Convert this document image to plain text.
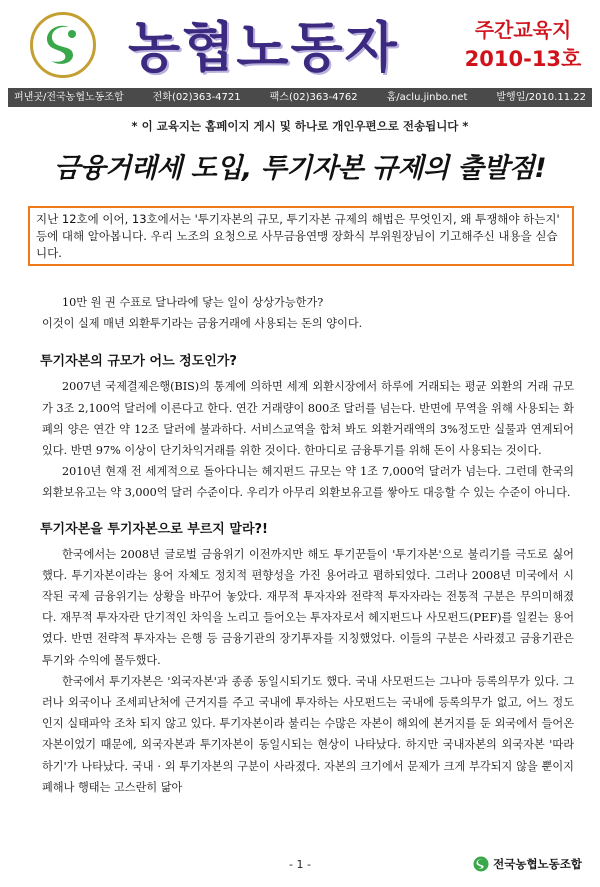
농협노동자	주간교육지
2010-13호
펴낸곳/전국농협노동조합	전화(02)363-4721	팩스(02)363-4762	홈/aclu.jinbo.net	발행일/2010.11.22
* 이 교육지는 홈페이지 게시 및 하나로 개인우편으로 전송됩니다 *
금융거래세 도입, 투기자본 규제의 출발점!
지난 12호에 이어, 13호에서는 '투기자본의 규모, 투기자본 규제의 해법은 무엇인지, 왜 투쟁해야 하는지' 등에 대해 알아봅니다. 우리 노조의 요청으로 사무금융연맹 장화식 부위원장님이 기고해주신 내용을 싣습니다.

10만 원 권 수표로 달나라에 닿는 일이 상상가능한가?

이것이 실제 매년 외환투기라는 금융거래에 사용되는 돈의 양이다.

투기자본의 규모가 어느 정도인가?

2007년 국제결제은행(BIS)의 통계에 의하면 세계 외환시장에서 하루에 거래되는 평균 외환의 거래 규모가 3조 2,100억 달러에 이른다고 한다. 연간 거래량이 800조 달러를 넘는다. 반면에 무역을 위해 사용되는 화폐의 양은 연간 약 12조 달러에 불과하다. 서비스교역을 합쳐 봐도 외환거래액의 3%정도만 실물과 연계되어 있다. 반면 97% 이상이 단기차익거래를 위한 것이다. 한마디로 금융투기를 위해 돈이 사용되는 것이다.

2010년 현재 전 세계적으로 돌아다니는 헤지펀드 규모는 약 1조 7,000억 달러가 넘는다. 그런데 한국의 외환보유고는 약 3,000억 달러 수준이다. 우리가 아무리 외환보유고를 쌓아도 대응할 수 있는 수준이 아니다.

투기자본을 투기자본으로 부르지 말라?!

한국에서는 2008년 글로벌 금융위기 이전까지만 해도 투기꾼들이 '투기자본'으로 불리기를 극도로 싫어했다. 투기자본이라는 용어 자체도 정치적 편향성을 가진 용어라고 폄하되었다. 그러나 2008년 미국에서 시작된 국제 금융위기는 상황을 바꾸어 놓았다. 재무적 투자자와 전략적 투자자라는 전통적 구분은 무의미해졌다. 재무적 투자자란 단기적인 차익을 노리고 들어오는 투자자로서 헤지펀드나 사모펀드(PEF)를 일컫는 용어였다. 반면 전략적 투자자는 은행 등 금융기관의 장기투자를 지칭했었다. 이들의 구분은 사라졌고 금융기관은 투기와 수익에 몰두했다.

한국에서 투기자본은 '외국자본'과 종종 동일시되기도 했다. 국내 사모펀드는 그나마 등록의무가 있다. 그러나 외국이나 조세피난처에 근거지를 주고 국내에 투자하는 사모펀드는 국내에 등록의무가 없고, 어느 정도인지 실태파악 조차 되지 않고 있다. 투기자본이라 불리는 수많은 자본이 해외에 본거지를 둔 외국에서 들어온 자본이었기 때문에, 외국자본과 투기자본이 동일시되는 현상이 나타났다. 하지만 국내자본의 외국자본 '따라 하기'가 나타났다. 국내 · 외 투기자본의 구분이 사라졌다. 자본의 크기에서 문제가 크게 부각되지 않을 뿐이지 폐해나 행태는 고스란히 닮아

- 1 -	전국농협노동조합
